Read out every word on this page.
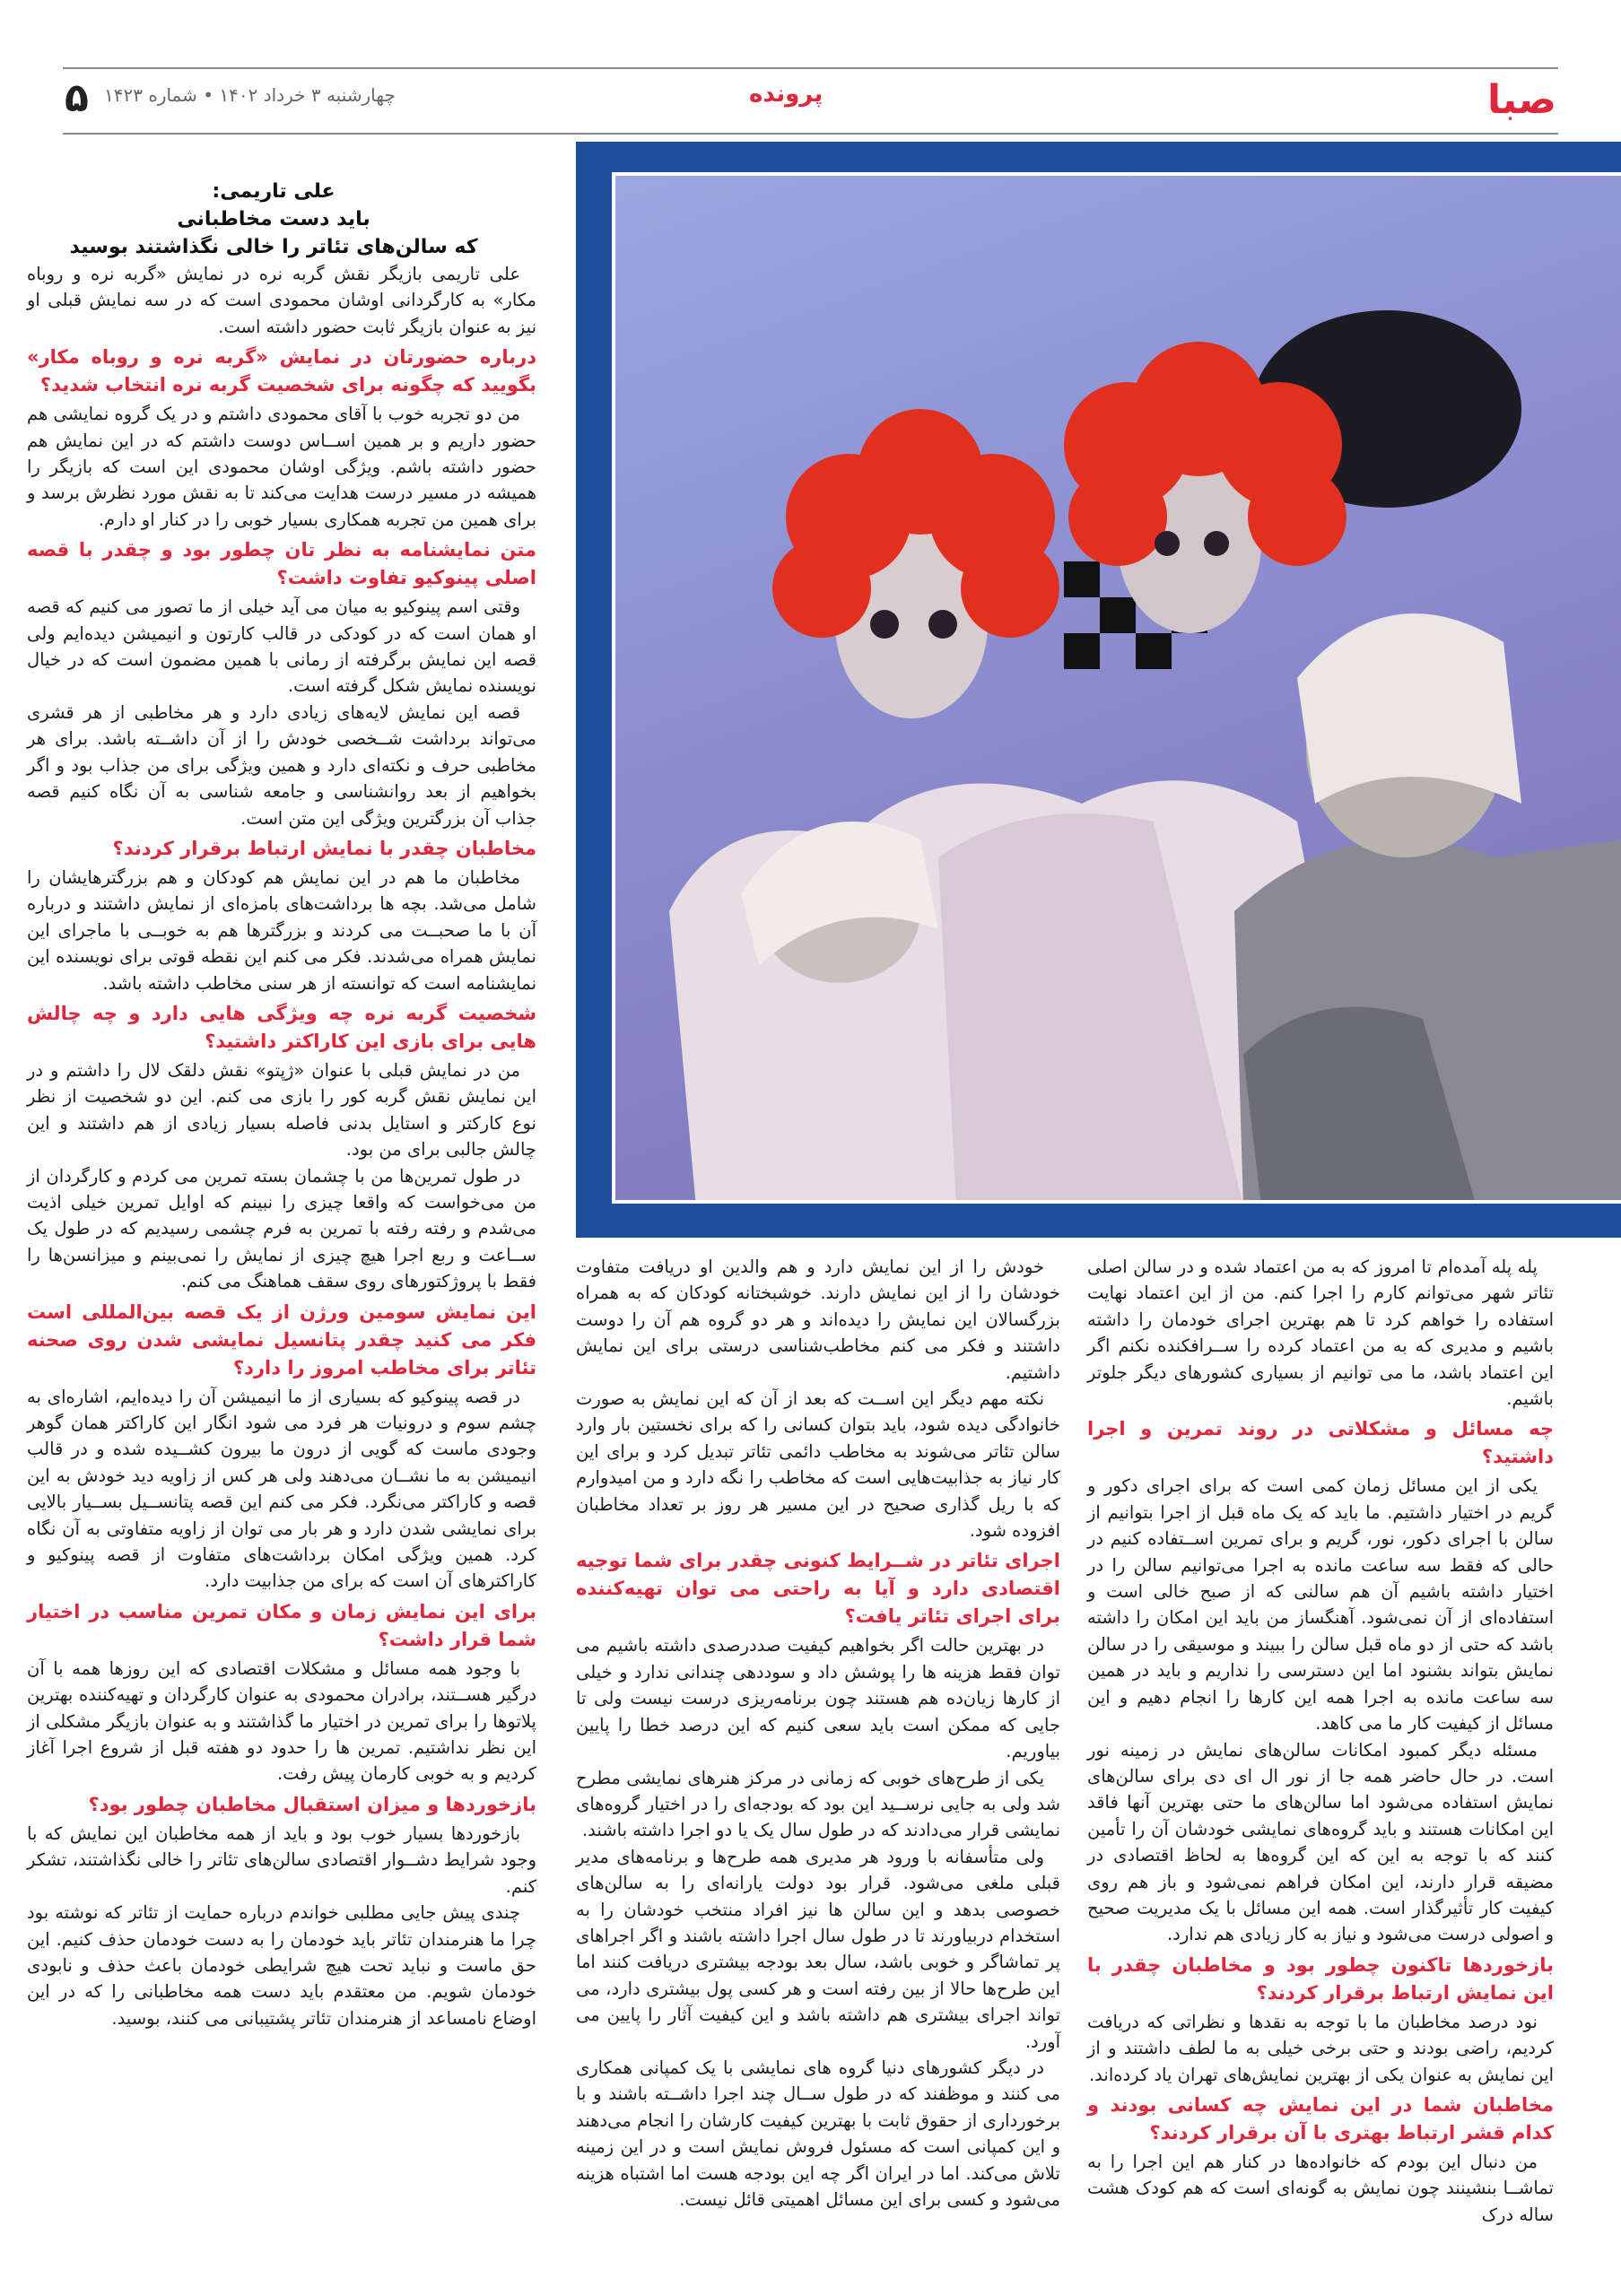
۵ چهارشنبه ۳ خرداد ۱۴۰۲ • شماره ۱۴۲۳	پرونده	صبا

علی تاریمی:

باید دست مخاطبانی

که سالن‌های تئاتر را خالی نگذاشتند بوسید

علی تاریمی بازیگر نقش گربه نره در نمایش «گربه نره و روباه مکار» به کارگردانی اوشان محمودی است که در سه نمایش قبلی او نیز به عنوان بازیگر ثابت حضور داشته است.

درباره حضورتان در نمایش «گربه نره و روباه مکار» بگویید که چگونه برای شخصیت گربه نره انتخاب شدید؟

من دو تجربه خوب با آقای محمودی داشتم و در یک گروه نمایشی هم حضور داریم و بر همین اســاس دوست داشتم که در این نمایش هم حضور داشته باشم. ویژگی اوشان محمودی این است که بازیگر را همیشه در مسیر درست هدایت می‌کند تا به نقش مورد نظرش برسد و برای همین من تجربه همکاری بسیار خوبی را در کنار او دارم.

متن نمایشنامه به نظر تان چطور بود و چقدر با قصه اصلی پینوکیو تفاوت داشت؟

وقتی اسم پینوکیو به میان می آید خیلی از ما تصور می کنیم که قصه او همان است که در کودکی در قالب کارتون و انیمیشن دیده‌ایم ولی قصه این نمایش برگرفته از رمانی با همین مضمون است که در خیال نویسنده نمایش شکل گرفته است.

قصه این نمایش لایه‌های زیادی دارد و هر مخاطبی از هر قشری می‌تواند برداشت شــخصی خودش را از آن داشــته باشد. برای هر مخاطبی حرف و نکته‌ای دارد و همین ویژگی برای من جذاب بود و اگر بخواهیم از بعد روانشناسی و جامعه شناسی به آن نگاه کنیم قصه جذاب آن بزرگترین ویژگی این متن است.

مخاطبان چقدر با نمایش ارتباط برقرار کردند؟

مخاطبان ما هم در این نمایش هم کودکان و هم بزرگترهایشان را شامل می‌شد. بچه ها برداشت‌های بامزه‌ای از نمایش داشتند و درباره آن با ما صحبــت می کردند و بزرگترها هم به خوبــی با ماجرای این نمایش همراه می‌شدند. فکر می کنم این نقطه قوتی برای نویسنده این نمایشنامه است که توانسته از هر سنی مخاطب داشته باشد.

شخصیت گربه نره چه ویژگی هایی دارد و چه چالش هایی برای بازی این کاراکتر داشتید؟

من در نمایش قبلی با عنوان «ژپتو» نقش دلقک لال را داشتم و در این نمایش نقش گربه کور را بازی می کنم. این دو شخصیت از نظر نوع کارکتر و استایل بدنی فاصله بسیار زیادی از هم داشتند و این چالش جالبی برای من بود.

در طول تمرین‌ها من با چشمان بسته تمرین می کردم و کارگردان از من می‌خواست که واقعا چیزی را نبینم که اوایل تمرین خیلی اذیت می‌شدم و رفته رفته با تمرین به فرم چشمی رسیدیم که در طول یک ســاعت و ربع اجرا هیچ چیزی از نمایش را نمی‌بینم و میزانسن‌ها را فقط با پروژکتورهای روی سقف هماهنگ می کنم.

این نمایش سومین ورژن از یک قصه بین‌المللی است فکر می کنید چقدر پتانسیل نمایشی شدن روی صحنه تئاتر برای مخاطب امروز را دارد؟

در قصه پینوکیو که بسیاری از ما انیمیشن آن را دیده‌ایم، اشاره‌ای به چشم سوم و درونیات هر فرد می شود انگار این کاراکتر همان گوهر وجودی ماست که گویی از درون ما بیرون کشــیده شده و در قالب انیمیشن به ما نشــان می‌دهند ولی هر کس از زاویه دید خودش به این قصه و کاراکتر می‌نگرد. فکر می کنم این قصه پتانســیل بســیار بالایی برای نمایشی شدن دارد و هر بار می توان از زاویه متفاوتی به آن نگاه کرد. همین ویژگی امکان برداشت‌های متفاوت از قصه پینوکیو و کاراکترهای آن است که برای من جذابیت دارد.

برای این نمایش زمان و مکان تمرین مناسب در اختیار شما قرار داشت؟

با وجود همه مسائل و مشکلات اقتصادی که این روزها همه با آن درگیر هســتند، برادران محمودی به عنوان کارگردان و تهیه‌کننده بهترین پلاتوها را برای تمرین در اختیار ما گذاشتند و به عنوان بازیگر مشکلی از این نظر نداشتیم. تمرین ها را حدود دو هفته قبل از شروع اجرا آغاز کردیم و به خوبی کارمان پیش رفت.

بازخوردها و میزان استقبال مخاطبان چطور بود؟

بازخوردها بسیار خوب بود و باید از همه مخاطبان این نمایش که با وجود شرایط دشــوار اقتصادی سالن‌های تئاتر را خالی نگذاشتند، تشکر کنم.

چندی پیش جایی مطلبی خواندم درباره حمایت از تئاتر که نوشته بود چرا ما هنرمندان تئاتر باید خودمان را به دست خودمان حذف کنیم. این حق ماست و نباید تحت هیچ شرایطی خودمان باعث حذف و نابودی خودمان شویم. من معتقدم باید دست همه مخاطبانی را که در این اوضاع نامساعد از هنرمندان تئاتر پشتیبانی می کنند، بوسید.

خودش را از این نمایش دارد و هم والدین او دریافت متفاوت خودشان را از این نمایش دارند. خوشبختانه کودکان که به همراه بزرگسالان این نمایش را دیده‌اند و هر دو گروه هم آن را دوست داشتند و فکر می کنم مخاطب‌شناسی درستی برای این نمایش داشتیم.

نکته مهم دیگر این اســت که بعد از آن که این نمایش به صورت خانوادگی دیده شود، باید بتوان کسانی را که برای نخستین بار وارد سالن تئاتر می‌شوند به مخاطب دائمی تئاتر تبدیل کرد و برای این کار نیاز به جذابیت‌هایی است که مخاطب را نگه دارد و من امیدوارم که با ریل گذاری صحیح در این مسیر هر روز بر تعداد مخاطبان افزوده شود.

اجرای تئاتر در شــرایط کنونی چقدر برای شما توجیه اقتصادی دارد و آیا به راحتی می توان تهیه‌کننده برای اجرای تئاتر یافت؟

در بهترین حالت اگر بخواهیم کیفیت صددرصدی داشته باشیم می توان فقط هزینه ها را پوشش داد و سوددهی چندانی ندارد و خیلی از کارها زیان‌ده هم هستند چون برنامه‌ریزی درست نیست ولی تا جایی که ممکن است باید سعی کنیم که این درصد خطا را پایین بیاوریم.

یکی از طرح‌های خوبی که زمانی در مرکز هنرهای نمایشی مطرح شد ولی به جایی نرســید این بود که بودجه‌ای را در اختیار گروه‌های نمایشی قرار می‌دادند که در طول سال یک یا دو اجرا داشته باشند.

ولی متأسفانه با ورود هر مدیری همه طرح‌ها و برنامه‌های مدیر قبلی ملغی می‌شود. قرار بود دولت یارانه‌ای را به سالن‌های خصوصی بدهد و این سالن ها نیز افراد منتخب خودشان را به استخدام دربیاورند تا در طول سال اجرا داشته باشند و اگر اجراهای پر تماشاگر و خوبی باشد، سال بعد بودجه بیشتری دریافت کنند اما این طرح‌ها حالا از بین رفته است و هر کسی پول بیشتری دارد، می تواند اجرای بیشتری هم داشته باشد و این کیفیت آثار را پایین می آورد.

در دیگر کشورهای دنیا گروه های نمایشی با یک کمپانی همکاری می کنند و موظفند که در طول ســال چند اجرا داشــته باشند و با برخورداری از حقوق ثابت با بهترین کیفیت کارشان را انجام می‌دهند و این کمپانی است که مسئول فروش نمایش است و در این زمینه تلاش می‌کند. اما در ایران اگر چه این بودجه هست اما اشتباه هزینه می‌شود و کسی برای این مسائل اهمیتی قائل نیست.

پله پله آمده‌ام تا امروز که به من اعتماد شده و در سالن اصلی تئاتر شهر می‌توانم کارم را اجرا کنم. من از این اعتماد نهایت استفاده را خواهم کرد تا هم بهترین اجرای خودمان را داشته باشیم و مدیری که به من اعتماد کرده را ســرافکنده نکنم اگر این اعتماد باشد، ما می توانیم از بسیاری کشورهای دیگر جلوتر باشیم.

چه مسائل و مشکلاتی در روند تمرین و اجرا داشتید؟

یکی از این مسائل زمان کمی است که برای اجرای دکور و گریم در اختیار داشتیم. ما باید که یک ماه قبل از اجرا بتوانیم از سالن با اجرای دکور، نور، گریم و برای تمرین اســتفاده کنیم در حالی که فقط سه ساعت مانده به اجرا می‌توانیم سالن را در اختیار داشته باشیم آن هم سالنی که از صبح خالی است و استفاده‌ای از آن نمی‌شود. آهنگساز من باید این امکان را داشته باشد که حتی از دو ماه قبل سالن را ببیند و موسیقی را در سالن نمایش بتواند بشنود اما این دسترسی را نداریم و باید در همین سه ساعت مانده به اجرا همه این کارها را انجام دهیم و این مسائل از کیفیت کار ما می کاهد.

مسئله دیگر کمبود امکانات سالن‌های نمایش در زمینه نور است. در حال حاضر همه جا از نور ال ای دی برای سالن‌های نمایش استفاده می‌شود اما سالن‌های ما حتی بهترین آنها فاقد این امکانات هستند و باید گروه‌های نمایشی خودشان آن را تأمین کنند که با توجه به این که این گروه‌ها به لحاظ اقتصادی در مضیقه قرار دارند، این امکان فراهم نمی‌شود و باز هم روی کیفیت کار تأثیرگذار است. همه این مسائل با یک مدیریت صحیح و اصولی درست می‌شود و نیاز به کار زیادی هم ندارد.

بازخوردها تاکنون چطور بود و مخاطبان چقدر با این نمایش ارتباط برقرار کردند؟

نود درصد مخاطبان ما با توجه به نقدها و نظراتی که دریافت کردیم، راضی بودند و حتی برخی خیلی به ما لطف داشتند و از این نمایش به عنوان یکی از بهترین نمایش‌های تهران یاد کرده‌اند.

مخاطبان شما در این نمایش چه کسانی بودند و کدام قشر ارتباط بهتری با آن برقرار کردند؟

من دنبال این بودم که خانواده‌ها در کنار هم این اجرا را به تماشــا بنشینند چون نمایش به گونه‌ای است که هم کودک هشت ساله درک
